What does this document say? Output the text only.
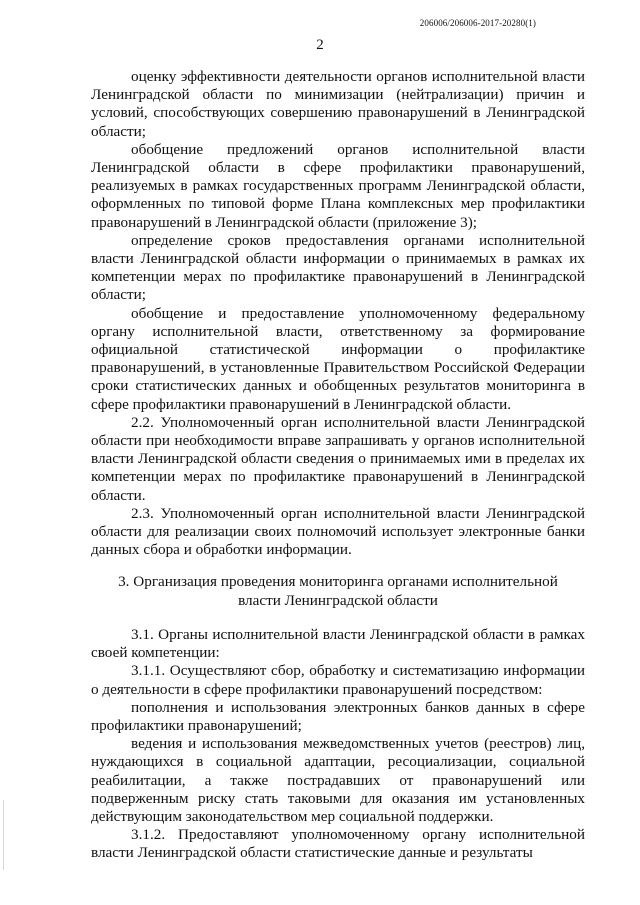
206006/206006-2017-20280(1)
2

оценку эффективности деятельности органов исполнительной власти Ленинградской области по минимизации (нейтрализации) причин и условий, способствующих совершению правонарушений в Ленинградской области;

обобщение предложений органов исполнительной власти Ленинградской области в сфере профилактики правонарушений, реализуемых в рамках государственных программ Ленинградской области, оформленных по типовой форме Плана комплексных мер профилактики правонарушений в Ленинградской области (приложение 3);

определение сроков предоставления органами исполнительной власти Ленинградской области информации о принимаемых в рамках их компетенции мерах по профилактике правонарушений в Ленинградской области;

обобщение и предоставление уполномоченному федеральному органу исполнительной власти, ответственному за формирование официальной статистической информации о профилактике правонарушений, в установленные Правительством Российской Федерации сроки статистических данных и обобщенных результатов мониторинга в сфере профилактики правонарушений в Ленинградской области.

2.2. Уполномоченный орган исполнительной власти Ленинградской области при необходимости вправе запрашивать у органов исполнительной власти Ленинградской области сведения о принимаемых ими в пределах их компетенции мерах по профилактике правонарушений в Ленинградской области.

2.3. Уполномоченный орган исполнительной власти Ленинградской области для реализации своих полномочий использует электронные банки данных сбора и обработки информации.

3. Организация проведения мониторинга органами исполнительной
власти Ленинградской области

3.1. Органы исполнительной власти Ленинградской области в рамках своей компетенции:

3.1.1. Осуществляют сбор, обработку и систематизацию информации о деятельности в сфере профилактики правонарушений посредством:

пополнения и использования электронных банков данных в сфере профилактики правонарушений;

ведения и использования межведомственных учетов (реестров) лиц, нуждающихся в социальной адаптации, ресоциализации, социальной реабилитации, а также пострадавших от правонарушений или подверженным риску стать таковыми для оказания им установленных действующим законодательством мер социальной поддержки.

3.1.2. Предоставляют уполномоченному органу исполнительной власти Ленинградской области статистические данные и результаты
